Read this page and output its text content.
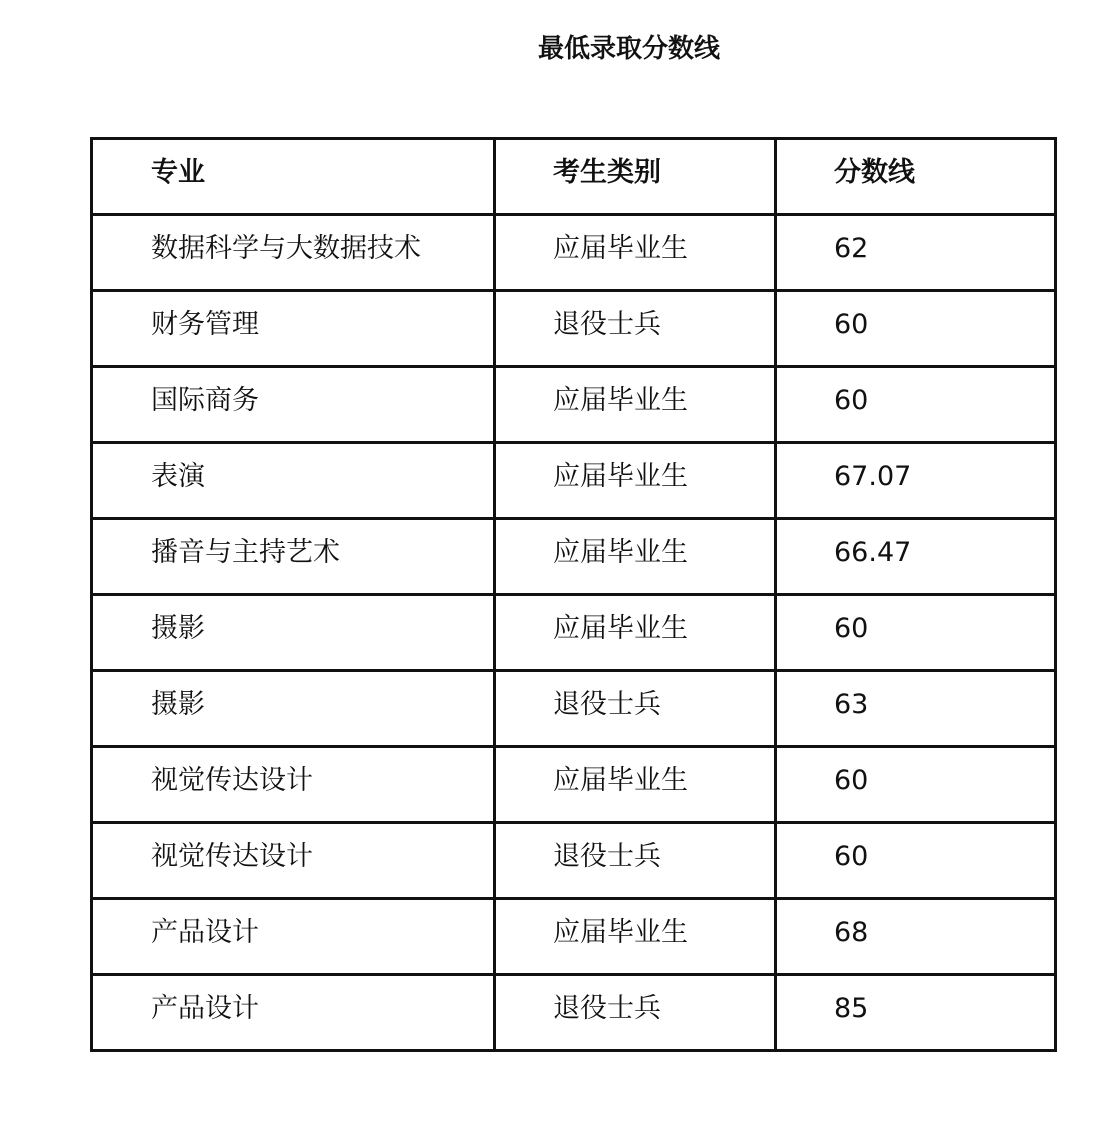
最低录取分数线
专业	考生类别	分数线

数据科学与大数据技术	应届毕业生	62

财务管理	退役士兵	60

国际商务	应届毕业生	60

表演	应届毕业生	67.07

播音与主持艺术	应届毕业生	66.47

摄影	应届毕业生	60

摄影	退役士兵	63

视觉传达设计	应届毕业生	60

视觉传达设计	退役士兵	60

产品设计	应届毕业生	68

产品设计	退役士兵	85
